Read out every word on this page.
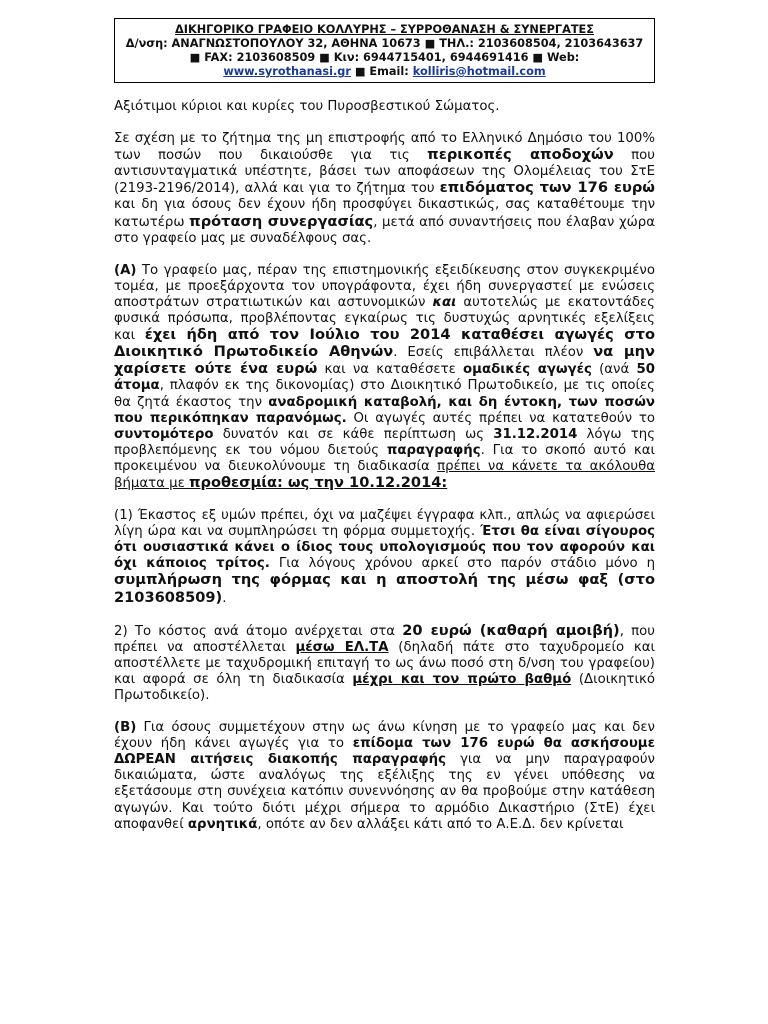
ΔΙΚΗΓΟΡΙΚΟ ΓΡΑΦΕΙΟ ΚΟΛΛΥΡΗΣ – ΣΥΡΡΟΘΑΝΑΣΗ & ΣΥΝΕΡΓΑΤΕΣ
Δ/νση: ΑΝΑΓΝΩΣΤΟΠΟΥΛΟΥ 32, ΑΘΗΝΑ 10673 ■ ΤΗΛ.: 2103608504, 2103643637
■ FAX: 2103608509 ■ Κιν: 6944715401, 6944691416 ■ Web:
www.syrothanasi.gr ■ Email: kolliris@hotmail.com

Αξιότιμοι κύριοι και κυρίες του Πυροσβεστικού Σώματος.

Σε σχέση με το ζήτημα της μη επιστροφής από το Ελληνικό Δημόσιο του 100% των ποσών που δικαιούσθε για τις περικοπές αποδοχών που αντισυνταγματικά υπέστητε, βάσει των αποφάσεων της Ολομέλειας του ΣτΕ (2193-2196/2014), αλλά και για το ζήτημα του επιδόματος των 176 ευρώ και δη για όσους δεν έχουν ήδη προσφύγει δικαστικώς, σας καταθέτουμε την κατωτέρω πρόταση συνεργασίας, μετά από συναντήσεις που έλαβαν χώρα στο γραφείο μας με συναδέλφους σας.

(Α) Το γραφείο μας, πέραν της επιστημονικής εξειδίκευσης στον συγκεκριμένο τομέα, με προεξάρχοντα τον υπογράφοντα, έχει ήδη συνεργαστεί με ενώσεις αποστράτων στρατιωτικών και αστυνομικών και αυτοτελώς με εκατοντάδες φυσικά πρόσωπα, προβλέποντας εγκαίρως τις δυστυχώς αρνητικές εξελίξεις και έχει ήδη από τον Ιούλιο του 2014 καταθέσει αγωγές στο Διοικητικό Πρωτοδικείο Αθηνών. Εσείς επιβάλλεται πλέον να μην χαρίσετε ούτε ένα ευρώ και να καταθέσετε ομαδικές αγωγές (ανά 50 άτομα, πλαφόν εκ της δικονομίας) στο Διοικητικό Πρωτοδικείο, με τις οποίες θα ζητά έκαστος την αναδρομική καταβολή, και δη έντοκη, των ποσών που περικόπηκαν παρανόμως. Οι αγωγές αυτές πρέπει να κατατεθούν το συντομότερο δυνατόν και σε κάθε περίπτωση ως 31.12.2014 λόγω της προβλεπόμενης εκ του νόμου διετούς παραγραφής. Για το σκοπό αυτό και προκειμένου να διευκολύνουμε τη διαδικασία πρέπει να κάνετε τα ακόλουθα βήματα με προθεσμία: ως την 10.12.2014:

(1) Έκαστος εξ υμών πρέπει, όχι να μαζέψει έγγραφα κλπ., απλώς να αφιερώσει λίγη ώρα και να συμπληρώσει τη φόρμα συμμετοχής. Έτσι θα είναι σίγουρος ότι ουσιαστικά κάνει ο ίδιος τους υπολογισμούς που τον αφορούν και όχι κάποιος τρίτος. Για λόγους χρόνου αρκεί στο παρόν στάδιο μόνο η συμπλήρωση της φόρμας και η αποστολή της μέσω φαξ (στο 2103608509).

2) Το κόστος ανά άτομο ανέρχεται στα 20 ευρώ (καθαρή αμοιβή), που πρέπει να αποστέλλεται μέσω ΕΛ.ΤΑ (δηλαδή πάτε στο ταχυδρομείο και αποστέλλετε με ταχυδρομική επιταγή το ως άνω ποσό στη δ/νση του γραφείου) και αφορά σε όλη τη διαδικασία μέχρι και τον πρώτο βαθμό (Διοικητικό Πρωτοδικείο).

(Β) Για όσους συμμετέχουν στην ως άνω κίνηση με το γραφείο μας και δεν έχουν ήδη κάνει αγωγές για το επίδομα των 176 ευρώ θα ασκήσουμε ΔΩΡΕΑΝ αιτήσεις διακοπής παραγραφής για να μην παραγραφούν δικαιώματα, ώστε αναλόγως της εξέλιξης της εν γένει υπόθεσης να εξετάσουμε στη συνέχεια κατόπιν συνεννόησης αν θα προβούμε στην κατάθεση αγωγών. Και τούτο διότι μέχρι σήμερα το αρμόδιο Δικαστήριο (ΣτΕ) έχει αποφανθεί αρνητικά, οπότε αν δεν αλλάξει κάτι από το Α.Ε.Δ. δεν κρίνεται
